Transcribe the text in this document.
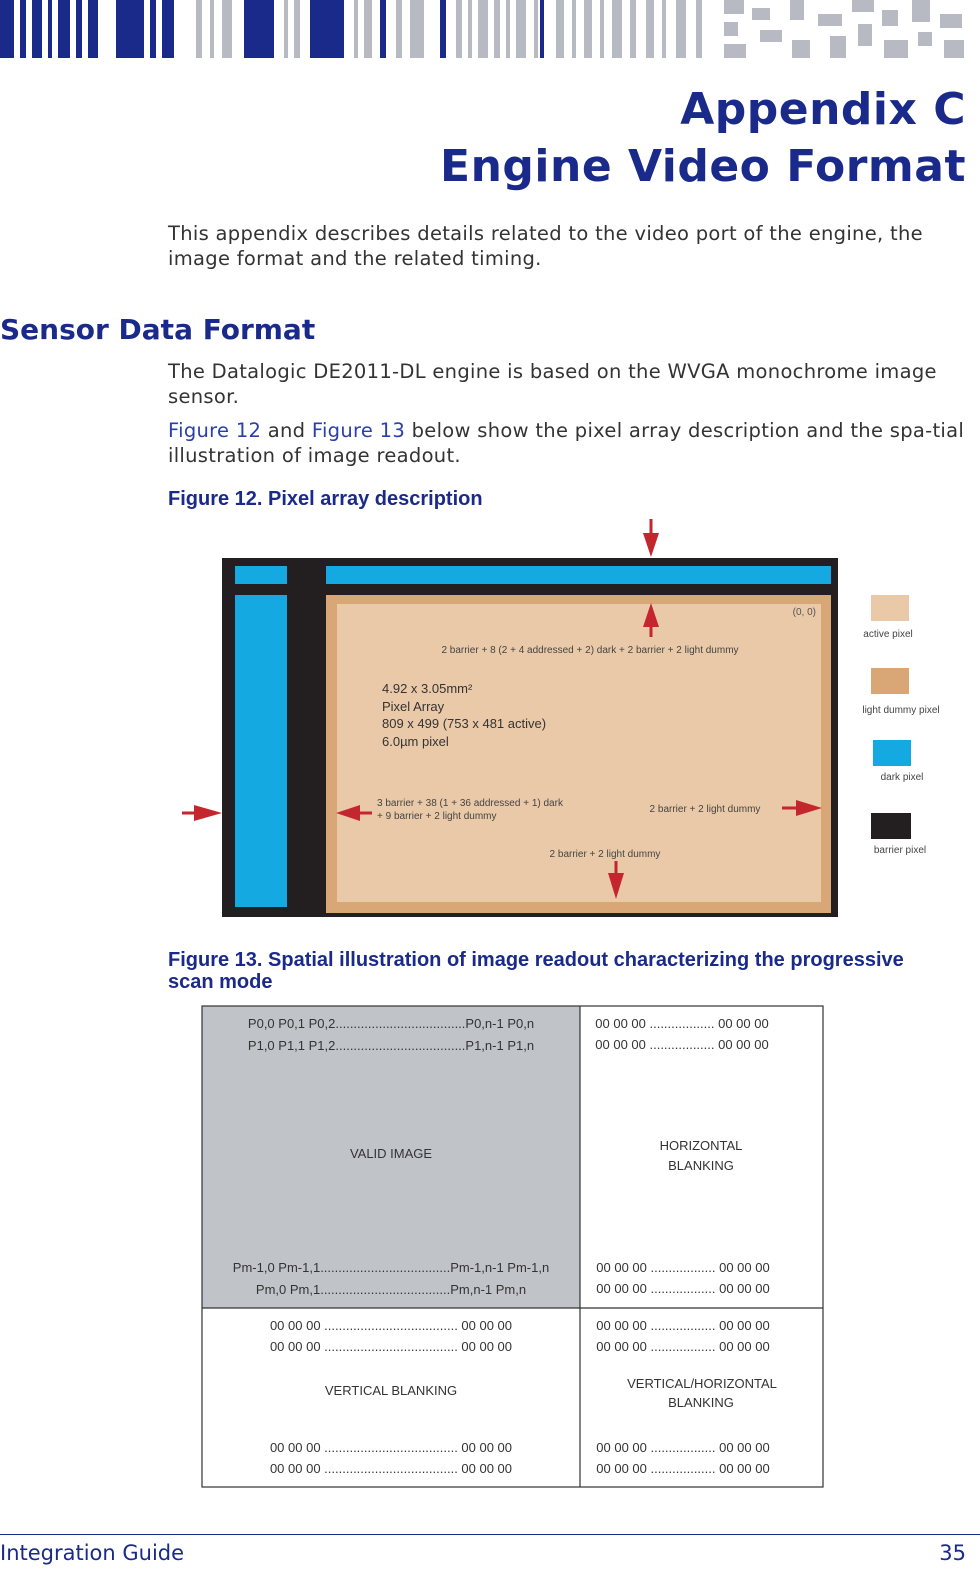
Appendix C
Engine Video Format

This appendix describes details related to the video port of the engine, the image format and the related timing.

Sensor Data Format

The Datalogic DE2011-DL engine is based on the WVGA monochrome image sensor.

Figure 12 and Figure 13 below show the pixel array description and the spa-tial illustration of image readout.

Figure 12. Pixel array description
(0, 0)
2 barrier + 8 (2 + 4 addressed + 2) dark + 2 barrier + 2 light dummy
4.92 x 3.05mm²
Pixel Array
809 x 499 (753 x 481 active)
6.0µm pixel
3 barrier + 38 (1 + 36 addressed + 1) dark
+ 9 barrier + 2 light dummy
2 barrier + 2 light dummy
2 barrier + 2 light dummy
active pixel
light dummy pixel
dark pixel
barrier pixel
Figure 13. Spatial illustration of image readout characterizing the progressive
scan mode
P0,0 P0,1 P0,2....................................P0,n-1 P0,n
P1,0 P1,1 P1,2....................................P1,n-1 P1,n
VALID IMAGE
Pm-1,0 Pm-1,1....................................Pm-1,n-1 Pm-1,n
Pm,0 Pm,1....................................Pm,n-1 Pm,n
00 00 00 .................. 00 00 00
00 00 00 .................. 00 00 00
HORIZONTAL
BLANKING
00 00 00 .................. 00 00 00
00 00 00 .................. 00 00 00
00 00 00 ..................................... 00 00 00
00 00 00 ..................................... 00 00 00
VERTICAL BLANKING
00 00 00 ..................................... 00 00 00
00 00 00 ..................................... 00 00 00
00 00 00 .................. 00 00 00
00 00 00 .................. 00 00 00
VERTICAL/HORIZONTAL
BLANKING
00 00 00 .................. 00 00 00
00 00 00 .................. 00 00 00
Integration Guide	35
